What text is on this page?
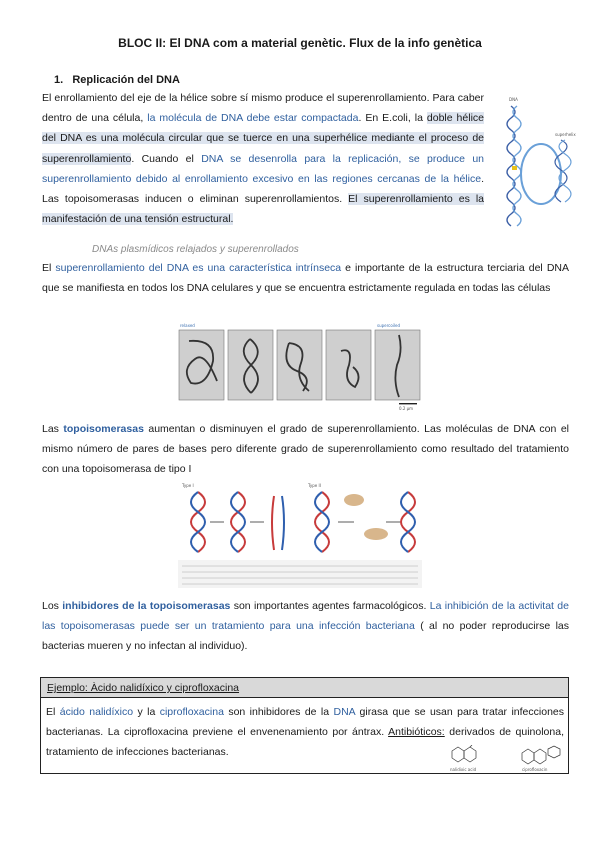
BLOC II: El DNA com a material genètic. Flux de la info genètica
1. Replicación del DNA
El enrollamiento del eje de la hélice sobre sí mismo produce el superenrollamiento. Para caber dentro de una célula, la molécula de DNA debe estar compactada. En E.coli, la doble hélice del DNA es una molécula circular que se tuerce en una superhélice mediante el proceso de superenrollamiento. Cuando el DNA se desenrolla para la replicación, se produce un superenrollamiento debido al enrollamiento excesivo en las regiones cercanas de la hélice. Las topoisomerasas inducen o eliminan superenrollamientos. El superenrollamiento es la manifestación de una tensión estructural.
DNA
superhelix
DNAs plasmídicos relajados y superenrollados
El superenrollamiento del DNA es una característica intrínseca e importante de la estructura terciaria del DNA que se manifiesta en todos los DNA celulares y que se encuentra estrictamente regulada en todas las células
relaxed	supercoiled
0.2 μm
Las topoisomerasas aumentan o disminuyen el grado de superenrollamiento. Las moléculas de DNA con el mismo número de pares de bases pero diferente grado de superenrollamiento como resultado del tratamiento con una topoisomerasa de tipo I
Type I	Type II
Los inhibidores de la topoisomerasas son importantes agentes farmacológicos. La inhibición de la activitat de las topoisomerasas puede ser un tratamiento para una infección bacteriana ( al no poder reproducirse las bacterias mueren y no infectan al individuo).
Ejemplo: Àcido nalidíxico y ciprofloxacina
El ácido nalidíxico y la ciprofloxacina son inhibidores de la DNA girasa que se usan para tratar infecciones bacterianas. La ciprofloxacina previene el envenenamiento por ántrax. Antibióticos: derivados de quinolona, tratamiento de infecciones bacterianas.
nalidixic acid	ciprofloxacin
